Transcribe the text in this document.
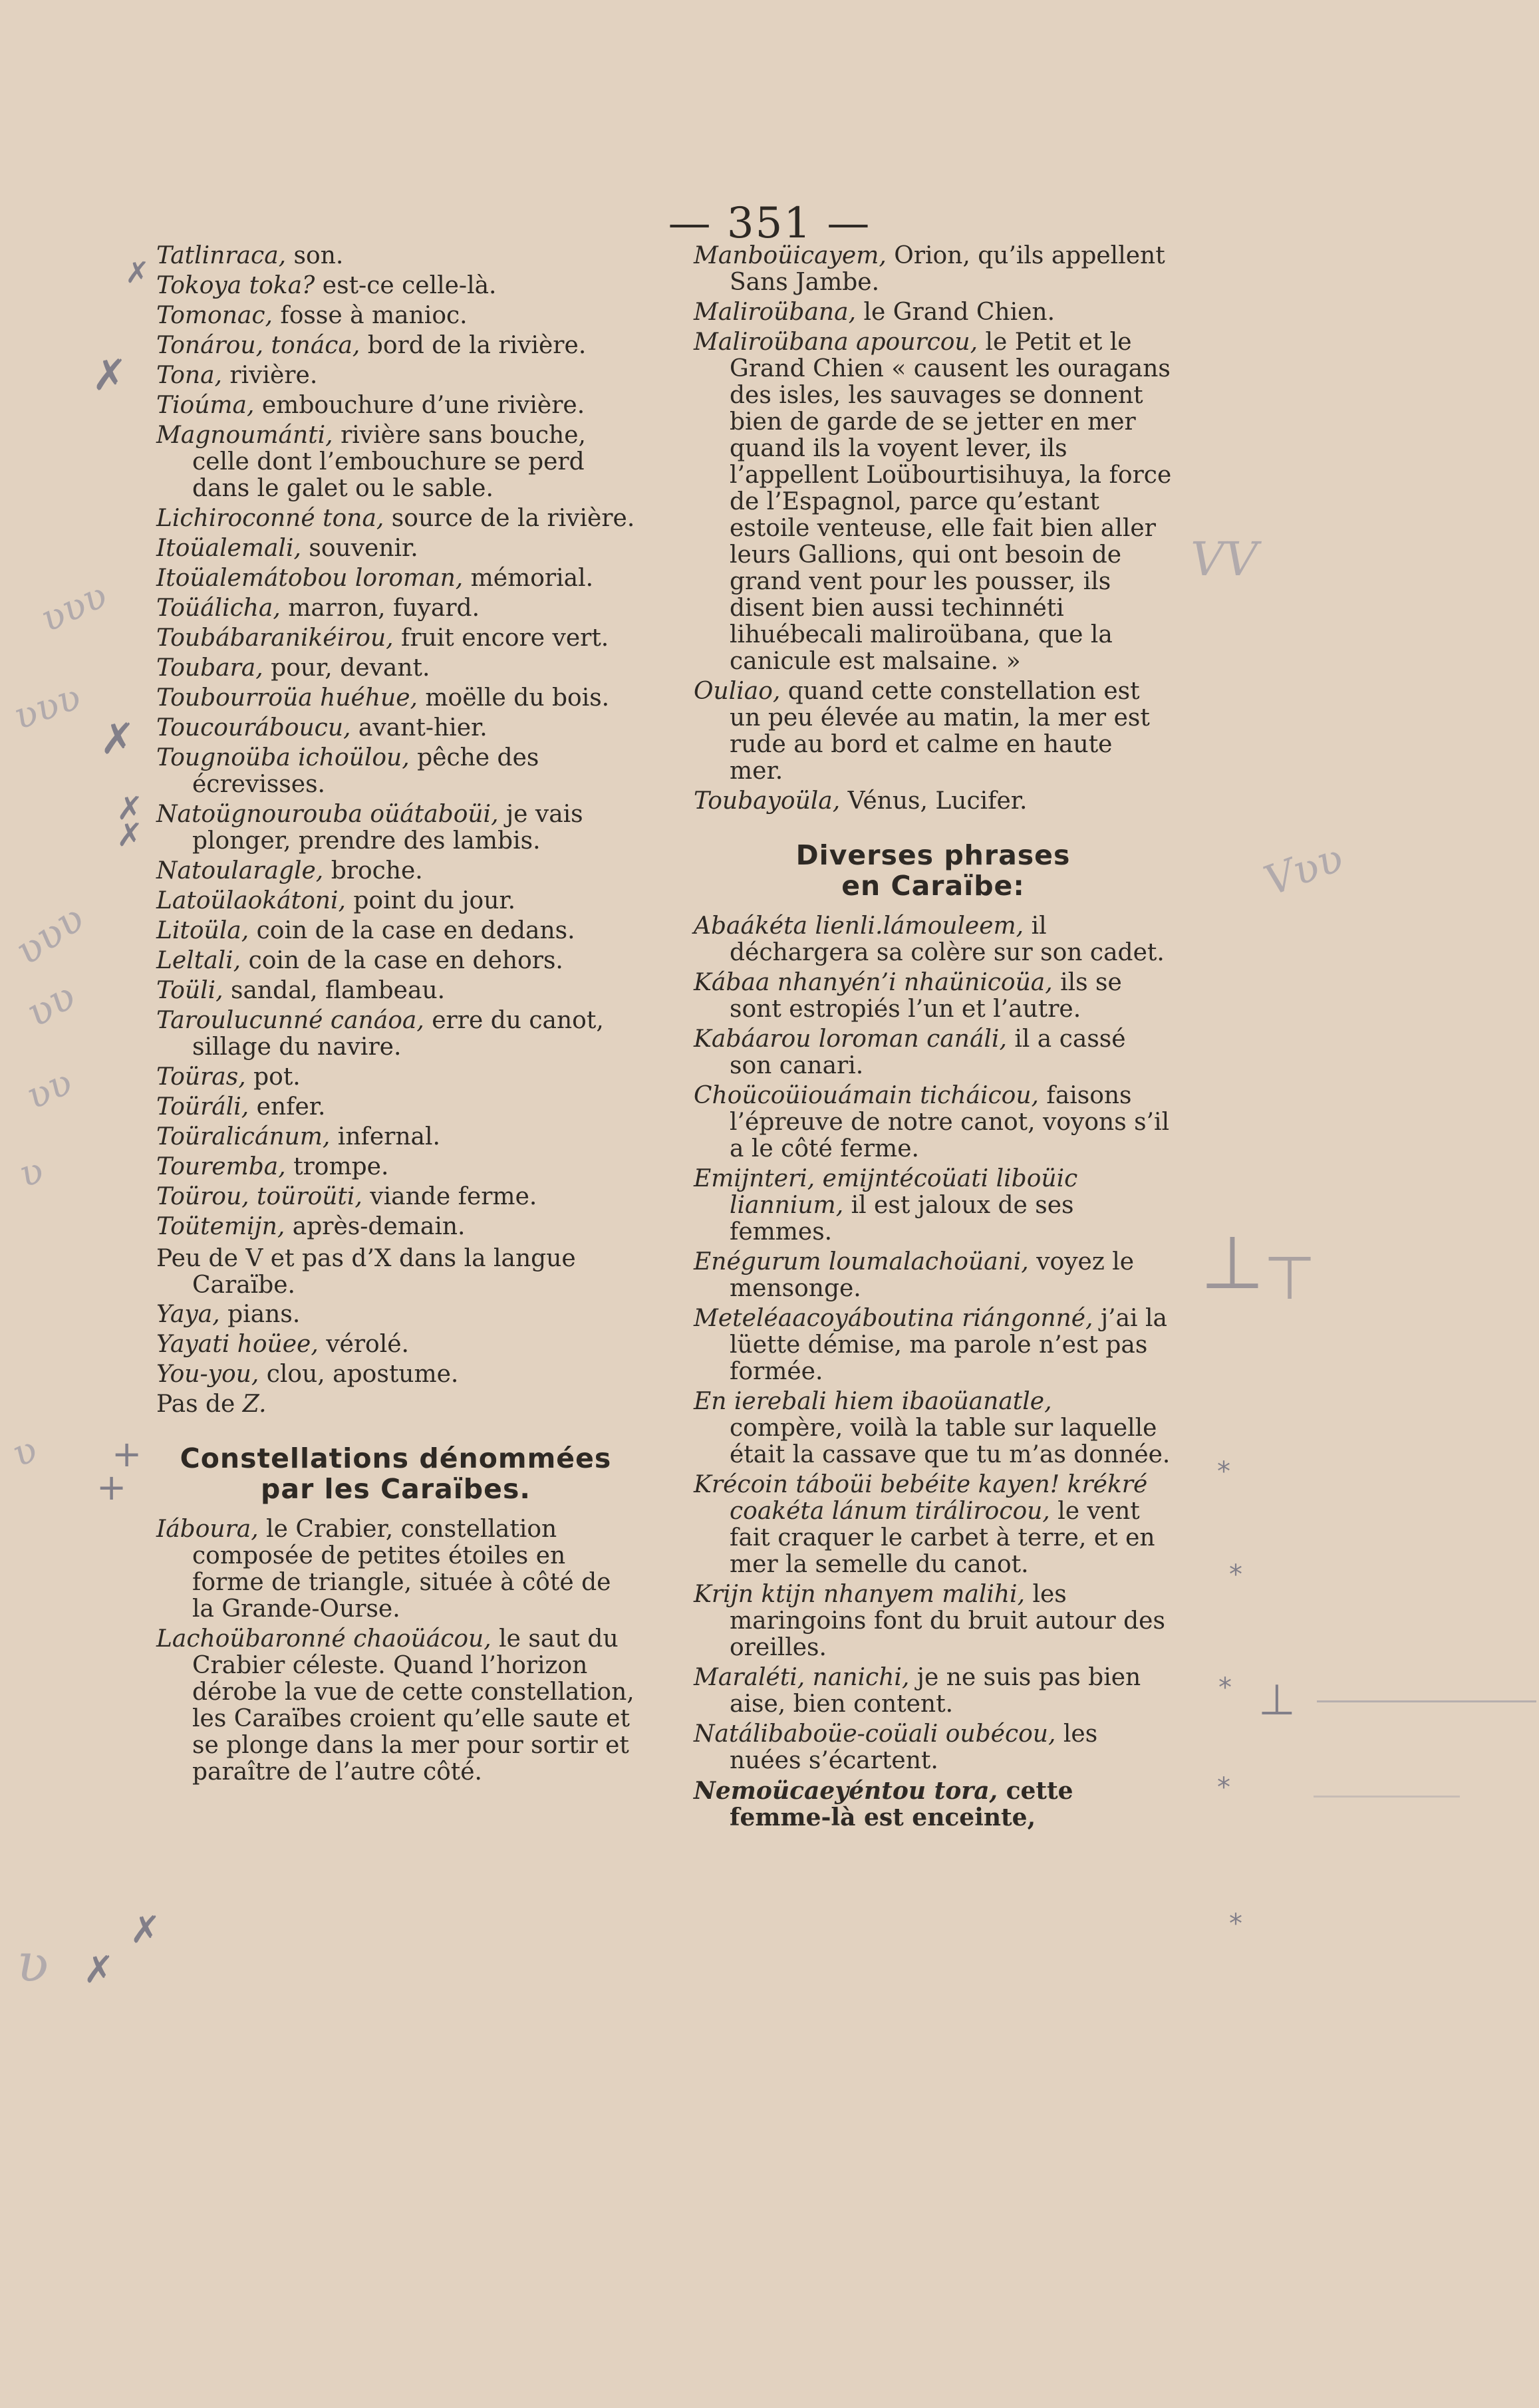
— 351 —
Tatlinraca, son.
Tokoya toka? est-ce celle-là.
Tomonac, fosse à manioc.
Tonárou, tonáca, bord de la rivière.
Tona, rivière.
Tioúma, embouchure d’une rivière.
Magnoumánti, rivière sans bouche, celle dont l’embouchure se perd dans le galet ou le sable.
Lichiroconné tona, source de la rivière.
Itoüalemali, souvenir.
Itoüalemátobou loroman, mémorial.
Toüálicha, marron, fuyard.
Toubábaranikéirou, fruit encore vert.
Toubara, pour, devant.
Toubourroüa huéhue, moëlle du bois.
Toucouráboucu, avant-hier.
Tougnoüba ichoülou, pêche des écrevisses.
Natoügnourouba oüátaboüi, je vais plonger, prendre des lambis.
Natoularagle, broche.
Latoülaokátoni, point du jour.
Litoüla, coin de la case en dedans.
Leltali, coin de la case en dehors.
Toüli, sandal, flambeau.
Taroulucunné canáoa, erre du canot, sillage du navire.
Toüras, pot.
Toüráli, enfer.
Toüralicánum, infernal.
Touremba, trompe.
Toürou, toüroüti, viande ferme.
Toütemijn, après-demain.
Peu de V et pas d’X dans la langue Caraïbe.
Yaya, pians.
Yayati hoüee, vérolé.
You-you, clou, apostume.
Pas de Z.
Constellations dénommées
par les Caraïbes.
Iáboura, le Crabier, constellation composée de petites étoiles en forme de triangle, située à côté de la Grande-Ourse.
Lachoübaronné chaoüácou, le saut du Crabier céleste. Quand l’horizon dérobe la vue de cette constellation, les Caraïbes croient qu’elle saute et se plonge dans la mer pour sortir et paraître de l’autre côté.
Manboüicayem, Orion, qu’ils appellent Sans Jambe.
Maliroübana, le Grand Chien.
Maliroübana apourcou, le Petit et le Grand Chien « causent les ouragans des isles, les sauvages se donnent bien de garde de se jetter en mer quand ils la voyent lever, ils l’appellent Loübourtisihuya, la force de l’Espagnol, parce qu’estant estoile venteuse, elle fait bien aller leurs Gallions, qui ont besoin de grand vent pour les pousser, ils disent bien aussi techinnéti lihuébecali maliroübana, que la canicule est malsaine. »
Ouliao, quand cette constellation est un peu élevée au matin, la mer est rude au bord et calme en haute mer.
Toubayoüla, Vénus, Lucifer.
Diverses phrases
en Caraïbe:
Abaákéta lienli.lámouleem, il déchargera sa colère sur son cadet.
Kábaa nhanyén’i nhaünicoüa, ils se sont estropiés l’un et l’autre.
Kabáarou loroman canáli, il a cassé son canari.
Choücoüiouámain ticháicou, faisons l’épreuve de notre canot, voyons s’il a le côté ferme.
Emijnteri, emijntécoüati liboüic liannium, il est jaloux de ses femmes.
Enégurum loumalachoüani, voyez le mensonge.
Meteléaacoyáboutina riángonné, j’ai la lüette démise, ma parole n’est pas formée.
En ierebali hiem ibaoüanatle, compère, voilà la table sur laquelle était la cassave que tu m’as donnée.
Krécoin táboüi bebéite kayen! krékré coakéta lánum tirálirocou, le vent fait craquer le carbet à terre, et en mer la semelle du canot.
Krijn ktijn nhanyem malihi, les maringoins font du bruit autour des oreilles.
Maraléti, nanichi, je ne suis pas bien aise, bien content.
Natálibaboüe-coüali oubécou, les nuées s’écartent.
Nemoücaeyéntou tora, cette femme-là est enceinte,
✗
✗
✗
✗
✗
✗
✗
+
+
⊥
⊥ ⊤
*
*
*
*
*
ʋʋʋ
ʋʋʋ
ʋʋʋ
ʋʋ
ʋʋ
ʋ
ʋ
ʋ
VV
Vʋʋ
